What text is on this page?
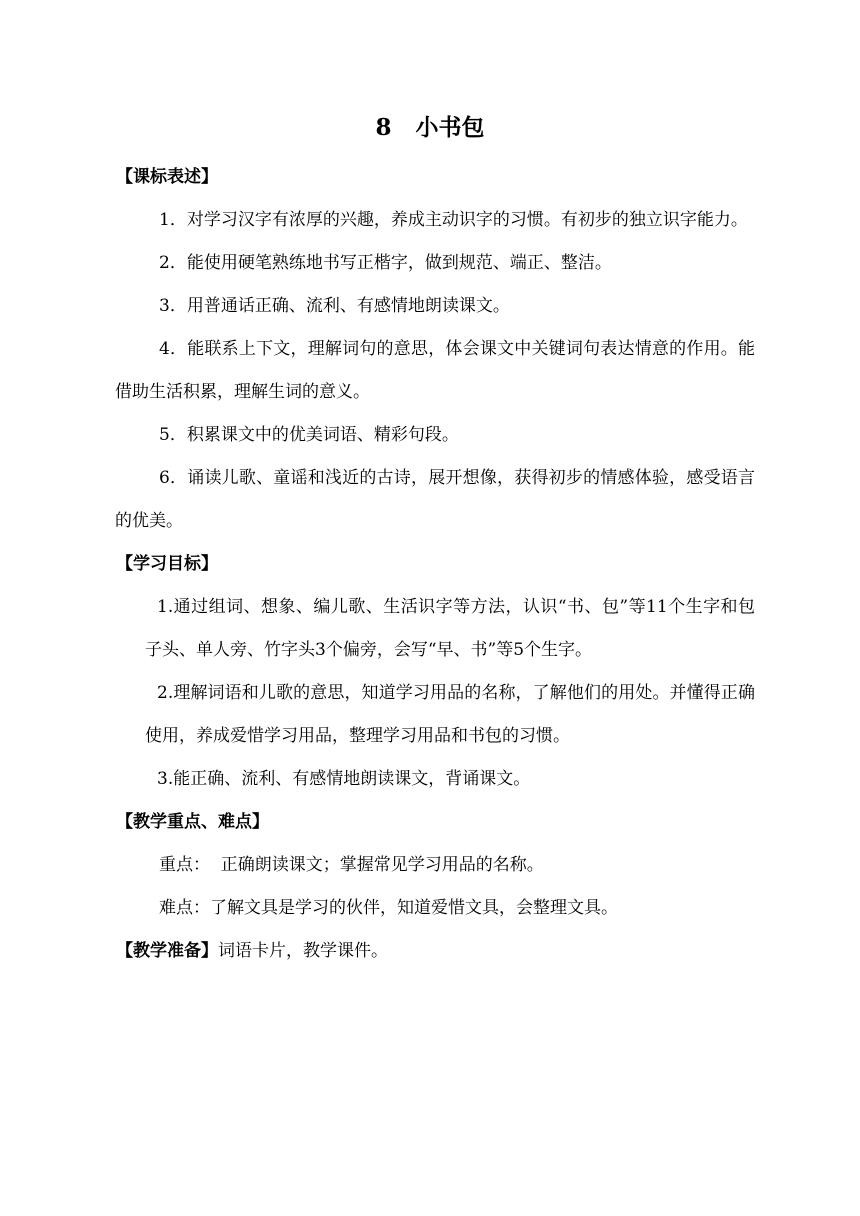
8   小书包
【课标表述】
1．对学习汉字有浓厚的兴趣，养成主动识字的习惯。有初步的独立识字能力。
2．能使用硬笔熟练地书写正楷字，做到规范、端正、整洁。
3．用普通话正确、流利、有感情地朗读课文。
4．能联系上下文，理解词句的意思，体会课文中关键词句表达情意的作用。能借助生活积累，理解生词的意义。
5．积累课文中的优美词语、精彩句段。
6．诵读儿歌、童谣和浅近的古诗，展开想像，获得初步的情感体验，感受语言的优美。
【学习目标】
1.通过组词、想象、编儿歌、生活识字等方法，认识“书、包”等11个生字和包子头、单人旁、竹字头3个偏旁，会写“早、书”等5个生字。
2.理解词语和儿歌的意思，知道学习用品的名称，了解他们的用处。并懂得正确使用，养成爱惜学习用品，整理学习用品和书包的习惯。
3.能正确、流利、有感情地朗读课文，背诵课文。
【教学重点、难点】
重点：  正确朗读课文；掌握常见学习用品的名称。
难点：了解文具是学习的伙伴，知道爱惜文具，会整理文具。
【教学准备】词语卡片，教学课件。
